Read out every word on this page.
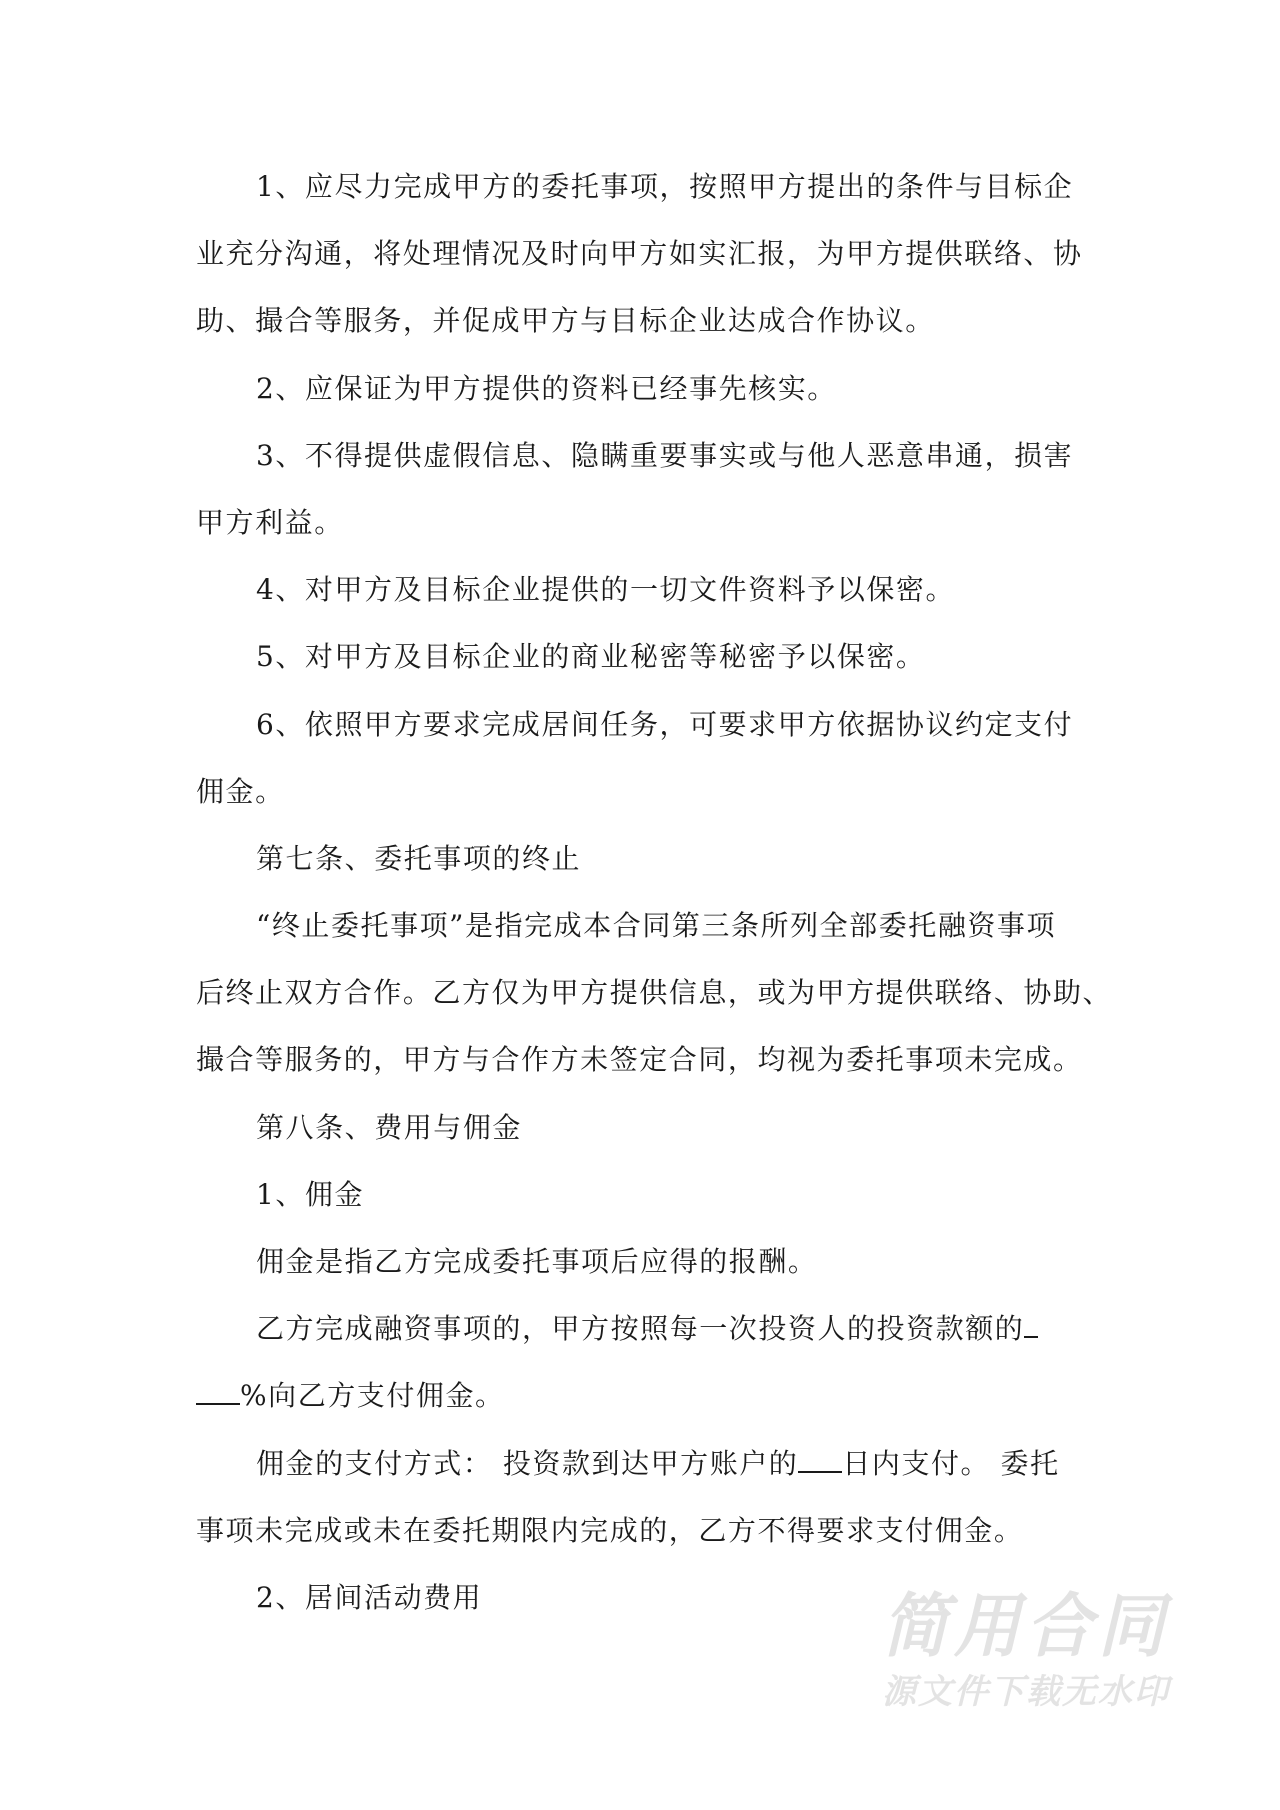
1、应尽力完成甲方的委托事项，按照甲方提出的条件与目标企
业充分沟通，将处理情况及时向甲方如实汇报，为甲方提供联络、协
助、撮合等服务，并促成甲方与目标企业达成合作协议。
2、应保证为甲方提供的资料已经事先核实。
3、不得提供虚假信息、隐瞒重要事实或与他人恶意串通，损害
甲方利益。
4、对甲方及目标企业提供的一切文件资料予以保密。
5、对甲方及目标企业的商业秘密等秘密予以保密。
6、依照甲方要求完成居间任务，可要求甲方依据协议约定支付
佣金。
第七条、委托事项的终止
“终止委托事项”是指完成本合同第三条所列全部委托融资事项
后终止双方合作。乙方仅为甲方提供信息，或为甲方提供联络、协助、
撮合等服务的，甲方与合作方未签定合同，均视为委托事项未完成。
第八条、费用与佣金
1、佣金
佣金是指乙方完成委托事项后应得的报酬。
乙方完成融资事项的，甲方按照每一次投资人的投资款额的
%向乙方支付佣金。
佣金的支付方式： 投资款到达甲方账户的 日内支付。 委托
事项未完成或未在委托期限内完成的，乙方不得要求支付佣金。
2、居间活动费用	简用合同
源文件下载无水印
